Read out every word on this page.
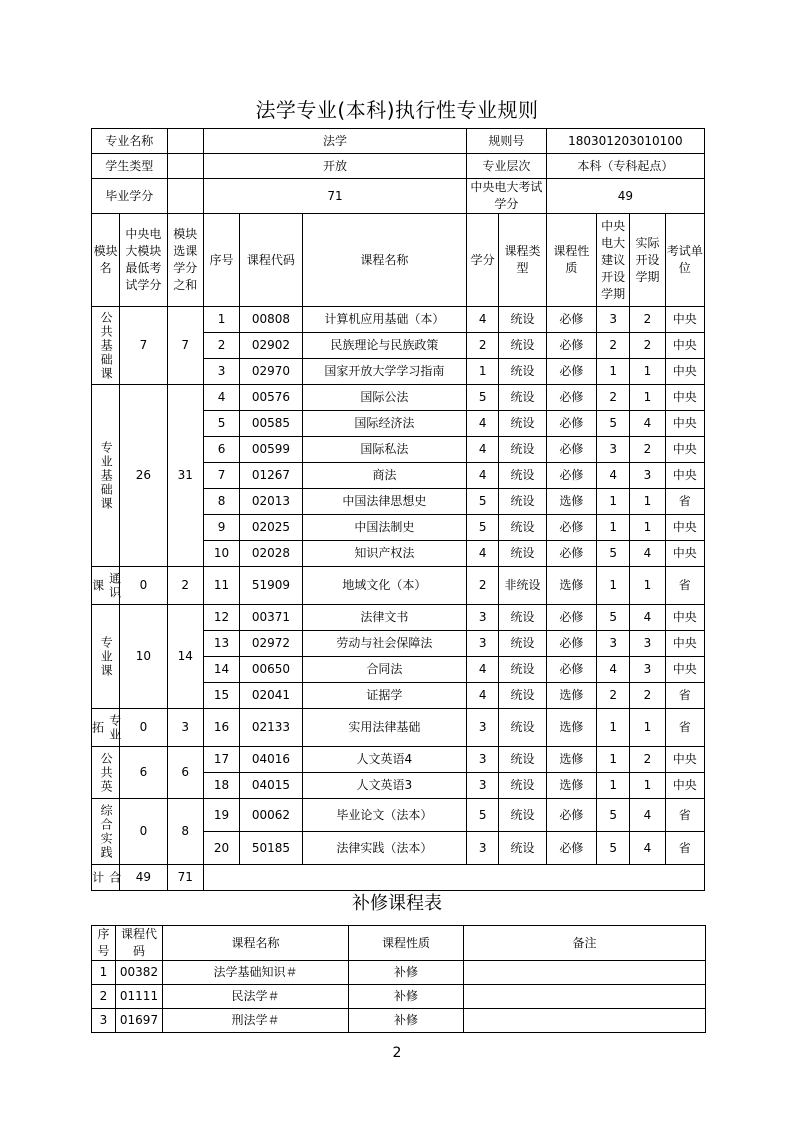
法学专业(本科)执行性专业规则
专业名称			法学			规则号		180301203010100			
学生类型			开放			专业层次		本科（专科起点）			
毕业学分			71			中央电大考试学分		49			
模块名	中央电大模块最低考试学分	模块选课学分之和	序号	课程代码	课程名称	学分	课程类型	课程性质	中央电大建议开设学期	实际开设学期	考试单位

公共基础课	7	7	1	00808	计算机应用基础（本）	4	统设	必修	3	2	中央
			2	02902	民族理论与民族政策	2	统设	必修	2	2	中央
			3	02970	国家开放大学学习指南	1	统设	必修	1	1	中央

专业基础课	26	31	4	00576	国际公法	5	统设	必修	2	1	中央
			5	00585	国际经济法	4	统设	必修	5	4	中央
			6	00599	国际私法	4	统设	必修	3	2	中央
			7	01267	商法	4	统设	必修	4	3	中央
			8	02013	中国法律思想史	5	统设	选修	1	1	省
			9	02025	中国法制史	5	统设	必修	1	1	中央
			10	02028	知识产权法	4	统设	必修	5	4	中央

通识课	0	2	11	51909	地域文化（本）	2	非统设	选修	1	1	省

专业课	10	14	12	00371	法律文书	3	统设	必修	5	4	中央
			13	02972	劳动与社会保障法	3	统设	必修	3	3	中央
			14	00650	合同法	4	统设	必修	4	3	中央
			15	02041	证据学	4	统设	选修	2	2	省

专业拓	0	3	16	02133	实用法律基础	3	统设	选修	1	1	省

公共英	6	6	17	04016	人文英语4	3	统设	选修	1	2	中央
			18	04015	人文英语3	3	统设	选修	1	1	中央

综合实践	0	8	19	00062	毕业论文（法本）	5	统设	必修	5	4	省
			20	50185	法律实践（法本）	3	统设	必修	5	4	省

合计	49	71									
补修课程表
序号	课程代码	课程名称	课程性质	备注
1	00382	法学基础知识＃	补修	
2	01111	民法学＃	补修	
3	01697	刑法学＃	补修	
2
